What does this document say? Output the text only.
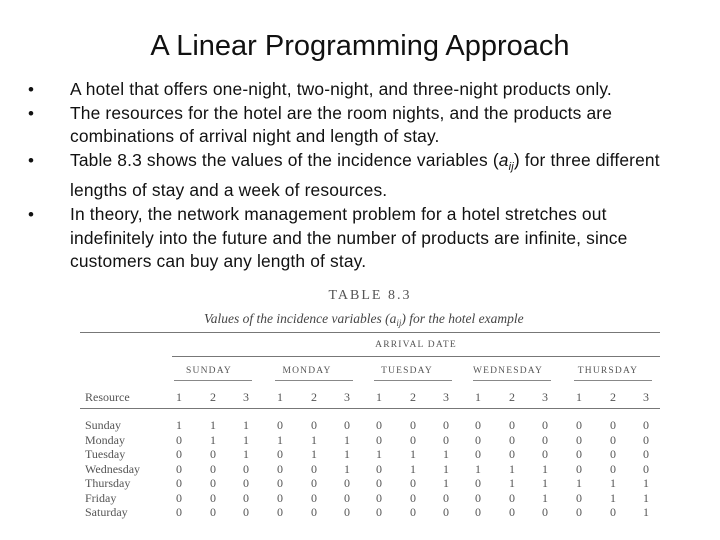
A Linear Programming Approach
• A hotel that offers one-night, two-night, and three-night products only.
• The resources for the hotel are the room nights, and the products are combinations of arrival night and length of stay.
• Table 8.3 shows the values of the incidence variables $(a_{ij})$ for three different lengths of stay and a week of resources.
• In theory, the network management problem for a hotel stretches out indefinitely into the future and the number of products are infinite, since customers can buy any length of stay.
TABLE 8.3
Values of the incidence variables $(a_{ij})$ for the hotel example
ARRIVAL DATE
Resource
SUNDAY
1	2	3
MONDAY
1	2	3
TUESDAY
1	2	3
WEDNESDAY
1	2	3
THURSDAY
1	2	3
Sunday	1	1	1	0	0	0	0	0	0	0	0	0	0	0	0
Monday	0	1	1	1	1	1	0	0	0	0	0	0	0	0	0
Tuesday	0	0	1	0	1	1	1	1	1	0	0	0	0	0	0
Wednesday	0	0	0	0	0	1	0	1	1	1	1	1	0	0	0
Thursday	0	0	0	0	0	0	0	0	1	0	1	1	1	1	1
Friday	0	0	0	0	0	0	0	0	0	0	0	1	0	1	1
Saturday	0	0	0	0	0	0	0	0	0	0	0	0	0	0	1
